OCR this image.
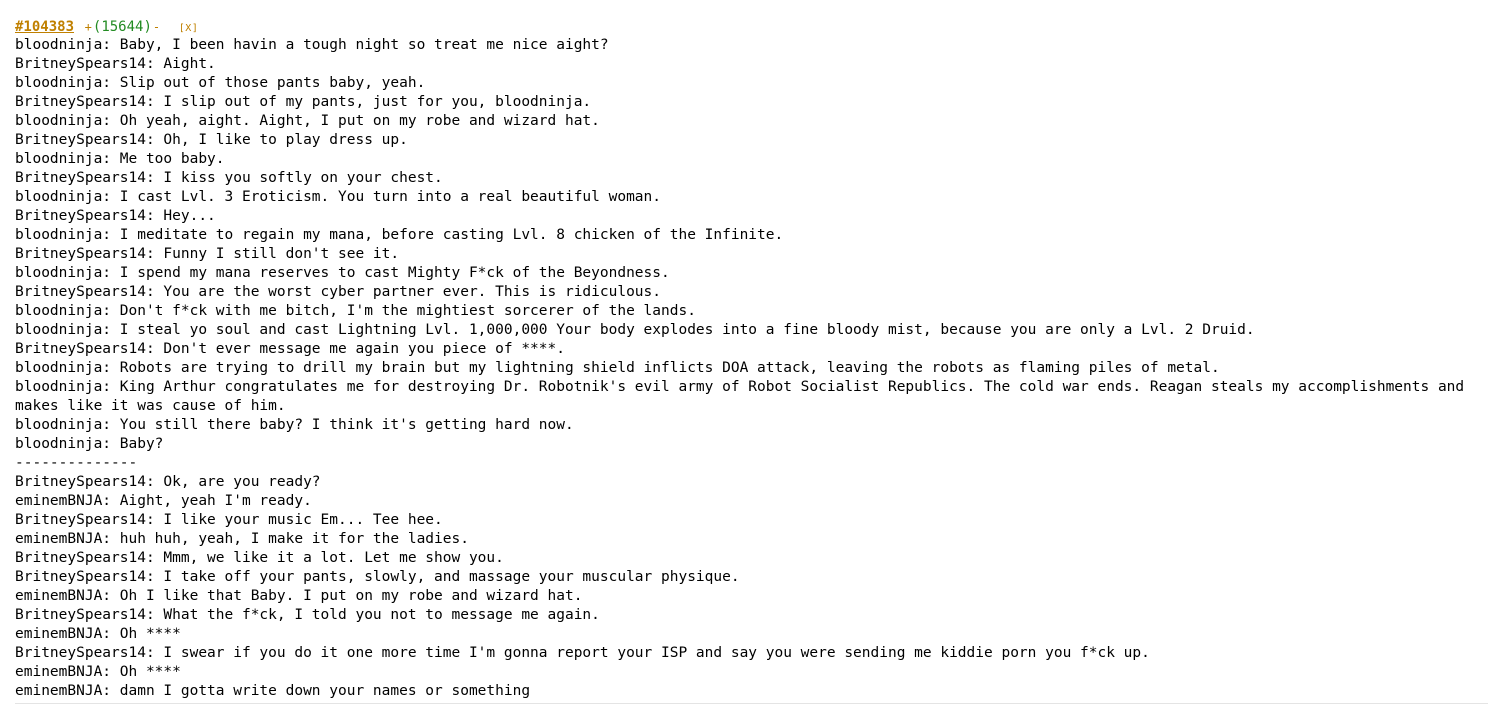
#104383 +(15644)- [X]
bloodninja: Baby, I been havin a tough night so treat me nice aight?
BritneySpears14: Aight.
bloodninja: Slip out of those pants baby, yeah.
BritneySpears14: I slip out of my pants, just for you, bloodninja.
bloodninja: Oh yeah, aight. Aight, I put on my robe and wizard hat.
BritneySpears14: Oh, I like to play dress up.
bloodninja: Me too baby.
BritneySpears14: I kiss you softly on your chest.
bloodninja: I cast Lvl. 3 Eroticism. You turn into a real beautiful woman.
BritneySpears14: Hey...
bloodninja: I meditate to regain my mana, before casting Lvl. 8 chicken of the Infinite.
BritneySpears14: Funny I still don't see it.
bloodninja: I spend my mana reserves to cast Mighty F*ck of the Beyondness.
BritneySpears14: You are the worst cyber partner ever. This is ridiculous.
bloodninja: Don't f*ck with me bitch, I'm the mightiest sorcerer of the lands.
bloodninja: I steal yo soul and cast Lightning Lvl. 1,000,000 Your body explodes into a fine bloody mist, because you are only a Lvl. 2 Druid.
BritneySpears14: Don't ever message me again you piece of ****.
bloodninja: Robots are trying to drill my brain but my lightning shield inflicts DOA attack, leaving the robots as flaming piles of metal.
bloodninja: King Arthur congratulates me for destroying Dr. Robotnik's evil army of Robot Socialist Republics. The cold war ends. Reagan steals my accomplishments and makes like it was cause of him.
bloodninja: You still there baby? I think it's getting hard now.
bloodninja: Baby?
--------------
BritneySpears14: Ok, are you ready?
eminemBNJA: Aight, yeah I'm ready.
BritneySpears14: I like your music Em... Tee hee.
eminemBNJA: huh huh, yeah, I make it for the ladies.
BritneySpears14: Mmm, we like it a lot. Let me show you.
BritneySpears14: I take off your pants, slowly, and massage your muscular physique.
eminemBNJA: Oh I like that Baby. I put on my robe and wizard hat.
BritneySpears14: What the f*ck, I told you not to message me again.
eminemBNJA: Oh ****
BritneySpears14: I swear if you do it one more time I'm gonna report your ISP and say you were sending me kiddie porn you f*ck up.
eminemBNJA: Oh ****
eminemBNJA: damn I gotta write down your names or something
